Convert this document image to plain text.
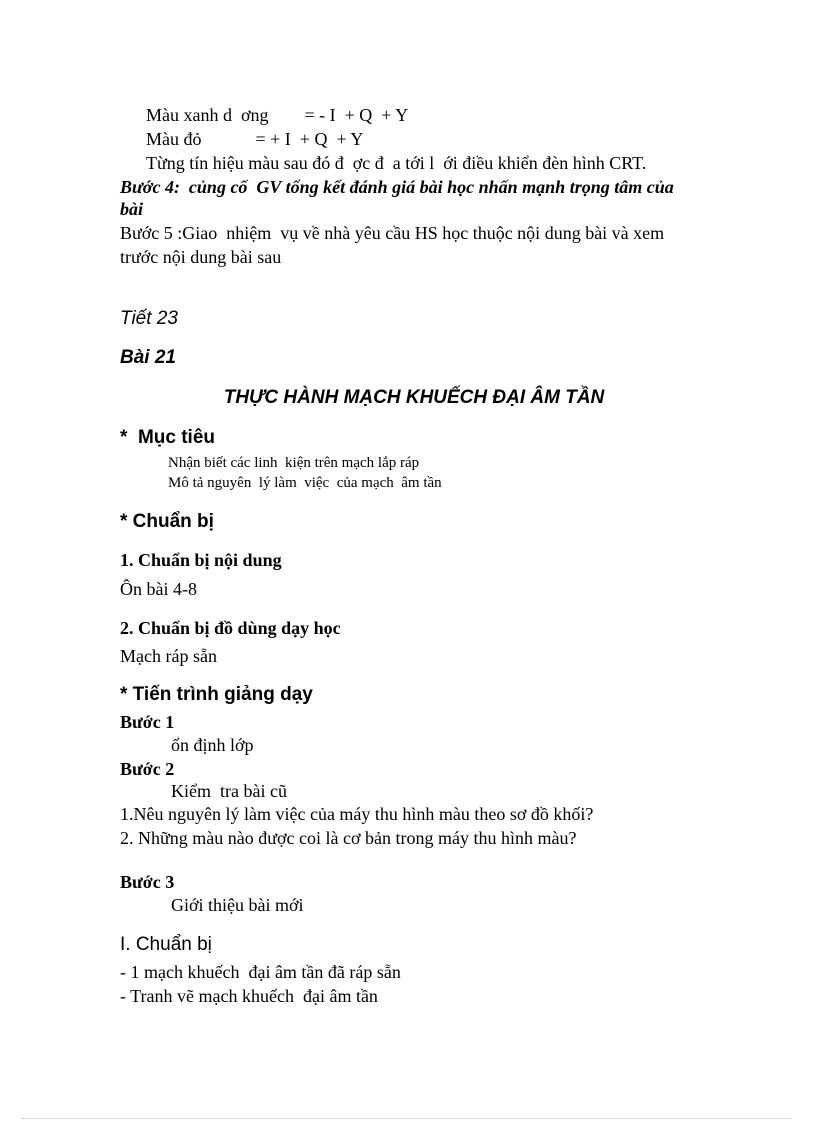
Màu xanh d  ơng        = - I  + Q  + Y
Màu đỏ            = + I  + Q  + Y
Từng tín hiệu màu sau đó đ  ợc đ  a tới l  ới điều khiển đèn hình CRT.
Bước 4:  củng cố  GV tổng kết đánh giá bài học nhấn mạnh trọng tâm của
bài
Bước 5 :Giao  nhiệm  vụ về nhà yêu cầu HS học thuộc nội dung bài và xem
trước nội dung bài sau
Tiết 23
Bài 21
THỰC HÀNH MẠCH KHUẾCH ĐẠI ÂM TẦN
*  Mục tiêu
Nhận biết các linh  kiện trên mạch lắp ráp
Mô tả nguyên  lý làm  việc  của mạch  âm tần
* Chuẩn bị
1. Chuẩn bị nội dung
Ôn bài 4-8
2. Chuẩn bị đồ dùng dạy học
Mạch ráp sẵn
* Tiến trình giảng dạy
Bước 1
ổn định lớp
Bước 2
Kiểm  tra bài cũ
1.Nêu nguyên lý làm việc của máy thu hình màu theo sơ đồ khối?
2. Những màu nào được coi là cơ bản trong máy thu hình màu?
Bước 3
Giới thiệu bài mới
I. Chuẩn bị
- 1 mạch khuếch  đại âm tần đã ráp sẵn
- Tranh vẽ mạch khuếch  đại âm tần
